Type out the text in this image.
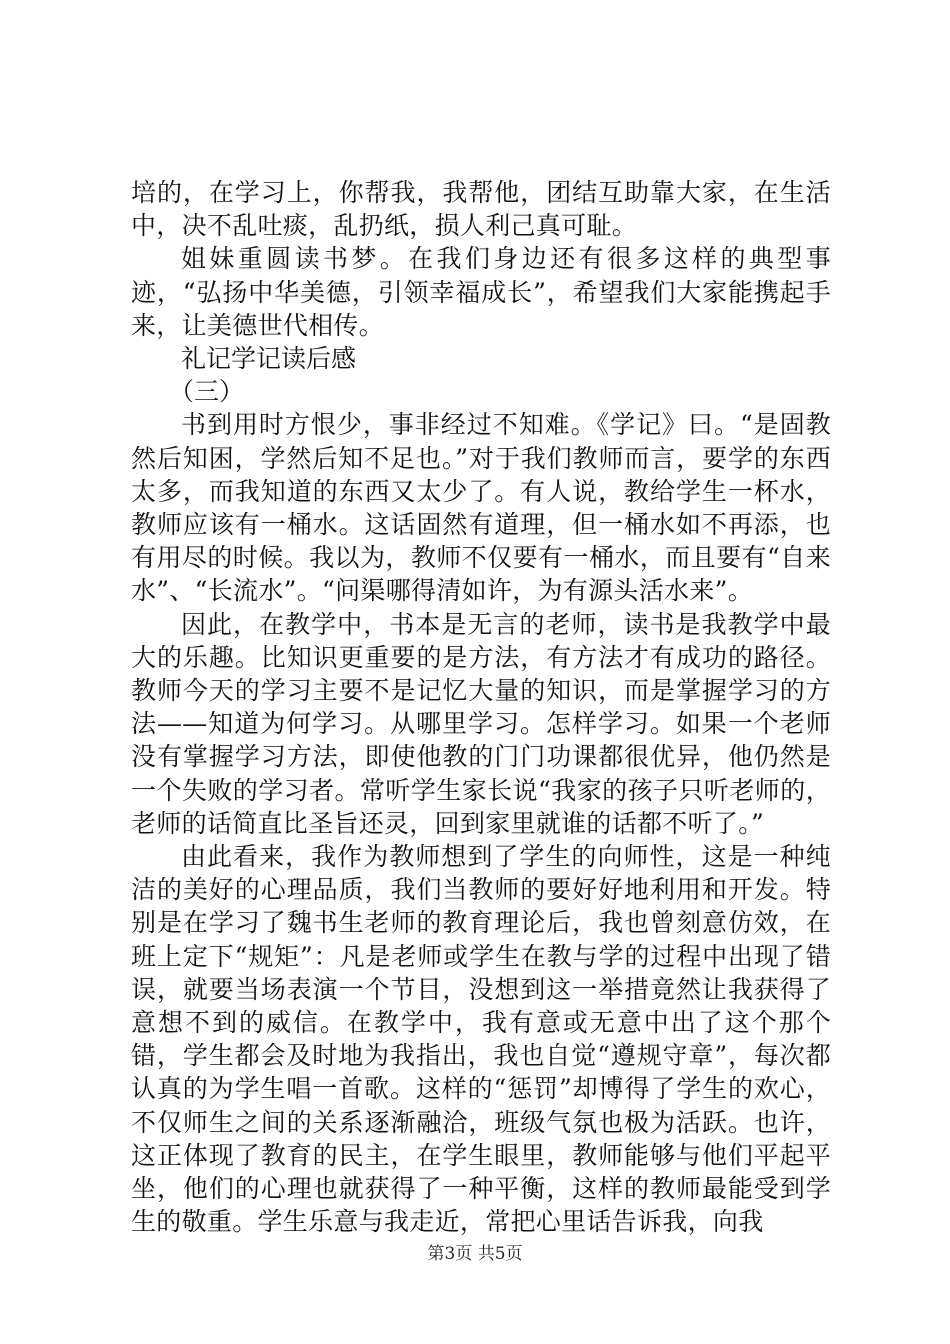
培的，在学习上，你帮我，我帮他，团结互助靠大家，在生活中，决不乱吐痰，乱扔纸，损人利己真可耻。

姐妹重圆读书梦。在我们身边还有很多这样的典型事迹，“弘扬中华美德，引领幸福成长”，希望我们大家能携起手来，让美德世代相传。

礼记学记读后感

（三）

书到用时方恨少，事非经过不知难。《学记》曰。“是固教然后知困，学然后知不足也。”对于我们教师而言，要学的东西太多，而我知道的东西又太少了。有人说，教给学生一杯水，教师应该有一桶水。这话固然有道理，但一桶水如不再添，也有用尽的时候。我以为，教师不仅要有一桶水，而且要有“自来水”、“长流水”。“问渠哪得清如许，为有源头活水来”。

因此，在教学中，书本是无言的老师，读书是我教学中最大的乐趣。比知识更重要的是方法，有方法才有成功的路径。教师今天的学习主要不是记忆大量的知识，而是掌握学习的方法——知道为何学习。从哪里学习。怎样学习。如果一个老师没有掌握学习方法，即使他教的门门功课都很优异，他仍然是一个失败的学习者。常听学生家长说“我家的孩子只听老师的，老师的话简直比圣旨还灵，回到家里就谁的话都不听了。”

由此看来，我作为教师想到了学生的向师性，这是一种纯洁的美好的心理品质，我们当教师的要好好地利用和开发。特别是在学习了魏书生老师的教育理论后，我也曾刻意仿效，在班上定下“规矩”：凡是老师或学生在教与学的过程中出现了错误，就要当场表演一个节目，没想到这一举措竟然让我获得了意想不到的威信。在教学中，我有意或无意中出了这个那个错，学生都会及时地为我指出，我也自觉“遵规守章”，每次都认真的为学生唱一首歌。这样的“惩罚”却博得了学生的欢心，不仅师生之间的关系逐渐融洽，班级气氛也极为活跃。也许，这正体现了教育的民主，在学生眼里，教师能够与他们平起平坐，他们的心理也就获得了一种平衡，这样的教师最能受到学生的敬重。学生乐意与我走近，常把心里话告诉我，向我

第3页 共5页
